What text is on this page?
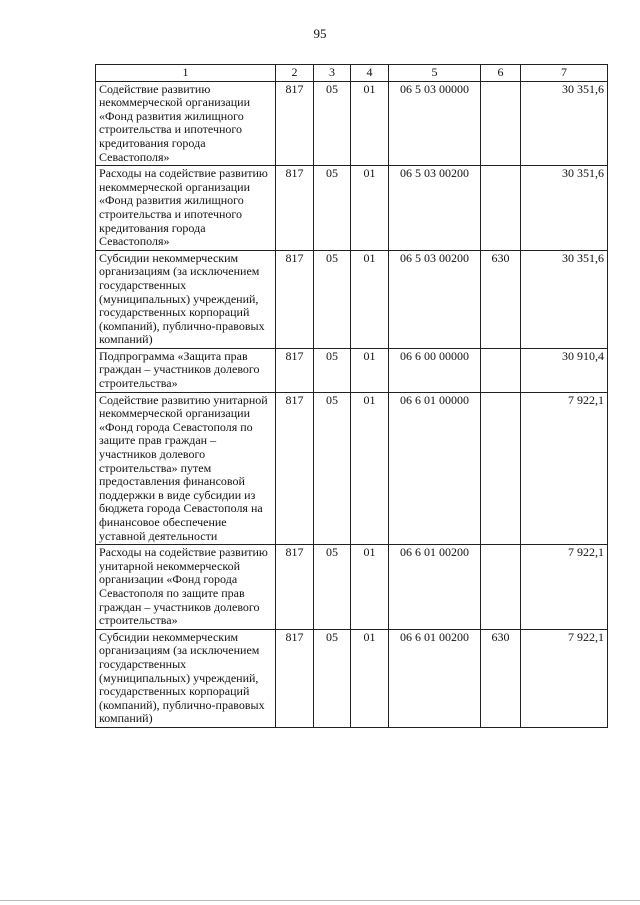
95
1	2	3	4	5	6	7
Содействие развитию некоммерческой организации «Фонд развития жилищного строительства и ипотечного кредитования города Севастополя»	817	05	01	06 5 03 00000		30 351,6
Расходы на содействие развитию некоммерческой организации «Фонд развития жилищного строительства и ипотечного кредитования города Севастополя»	817	05	01	06 5 03 00200		30 351,6
Субсидии некоммерческим организациям (за исключением государственных (муниципальных) учреждений, государственных корпораций (компаний), публично-правовых компаний)	817	05	01	06 5 03 00200	630	30 351,6
Подпрограмма «Защита прав граждан – участников долевого строительства»	817	05	01	06 6 00 00000		30 910,4
Содействие развитию унитарной некоммерческой организации «Фонд города Севастополя по защите прав граждан – участников долевого строительства» путем предоставления финансовой поддержки в виде субсидии из бюджета города Севастополя на финансовое обеспечение уставной деятельности	817	05	01	06 6 01 00000		7 922,1
Расходы на содействие развитию унитарной некоммерческой организации «Фонд города Севастополя по защите прав граждан – участников долевого строительства»	817	05	01	06 6 01 00200		7 922,1
Субсидии некоммерческим организациям (за исключением государственных (муниципальных) учреждений, государственных корпораций (компаний), публично-правовых компаний)	817	05	01	06 6 01 00200	630	7 922,1
